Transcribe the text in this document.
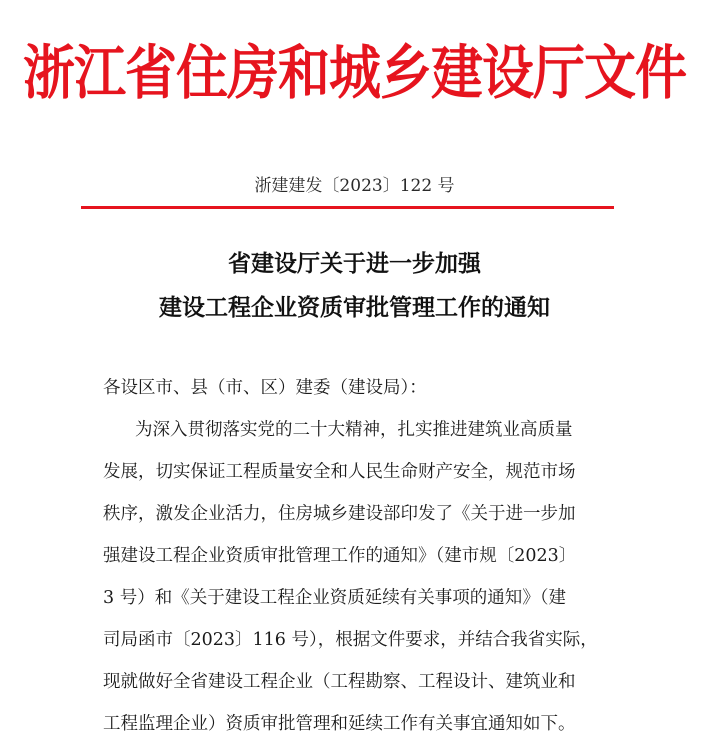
浙江省住房和城乡建设厅文件
浙建建发〔2023〕122 号
省建设厅关于进一步加强
建设工程企业资质审批管理工作的通知
各设区市、县（市、区）建委（建设局）：
为深入贯彻落实党的二十大精神，扎实推进建筑业高质量
发展，切实保证工程质量安全和人民生命财产安全，规范市场
秩序，激发企业活力，住房城乡建设部印发了《关于进一步加
强建设工程企业资质审批管理工作的通知》（建市规〔2023〕
3 号）和《关于建设工程企业资质延续有关事项的通知》（建
司局函市〔2023〕116 号），根据文件要求，并结合我省实际，
现就做好全省建设工程企业（工程勘察、工程设计、建筑业和
工程监理企业）资质审批管理和延续工作有关事宜通知如下。
